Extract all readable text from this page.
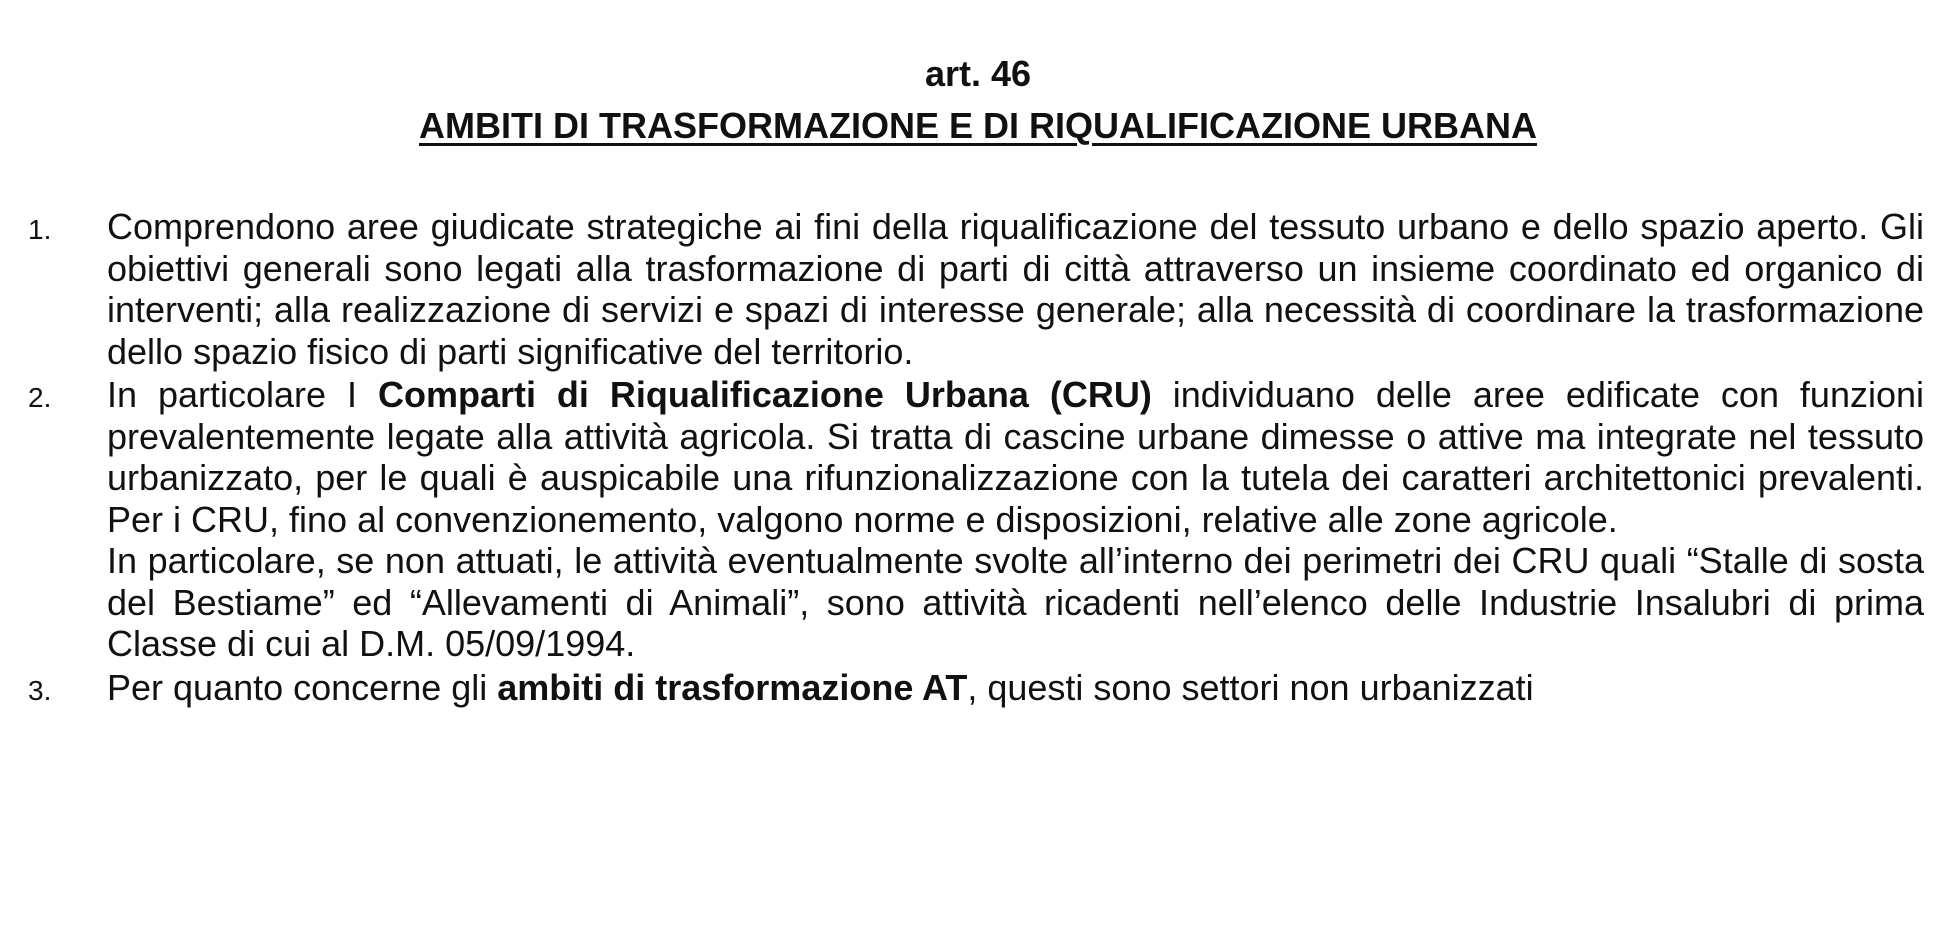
art. 46
AMBITI DI TRASFORMAZIONE E DI RIQUALIFICAZIONE URBANA
1. Comprendono aree giudicate strategiche ai fini della riqualificazione del tessuto urbano e dello spazio aperto. Gli obiettivi generali sono legati alla trasformazione di parti di città attraverso un insieme coordinato ed organico di interventi; alla realizzazione di servizi e spazi di interesse generale; alla necessità di coordinare la trasformazione dello spazio fisico di parti significative del territorio.

2. In particolare I Comparti di Riqualificazione Urbana (CRU) individuano delle aree edificate con funzioni prevalentemente legate alla attività agricola. Si tratta di cascine urbane dimesse o attive ma integrate nel tessuto urbanizzato, per le quali è auspicabile una rifunzionalizzazione con la tutela dei caratteri architettonici prevalenti. Per i CRU, fino al convenzionemento, valgono norme e disposizioni, relative alle zone agricole.

In particolare, se non attuati, le attività eventualmente svolte all’interno dei perimetri dei CRU quali “Stalle di sosta del Bestiame” ed “Allevamenti di Animali”, sono attività ricadenti nell’elenco delle Industrie Insalubri di prima Classe di cui al D.M. 05/09/1994.

3. Per quanto concerne gli ambiti di trasformazione AT, questi sono settori non urbanizzati
